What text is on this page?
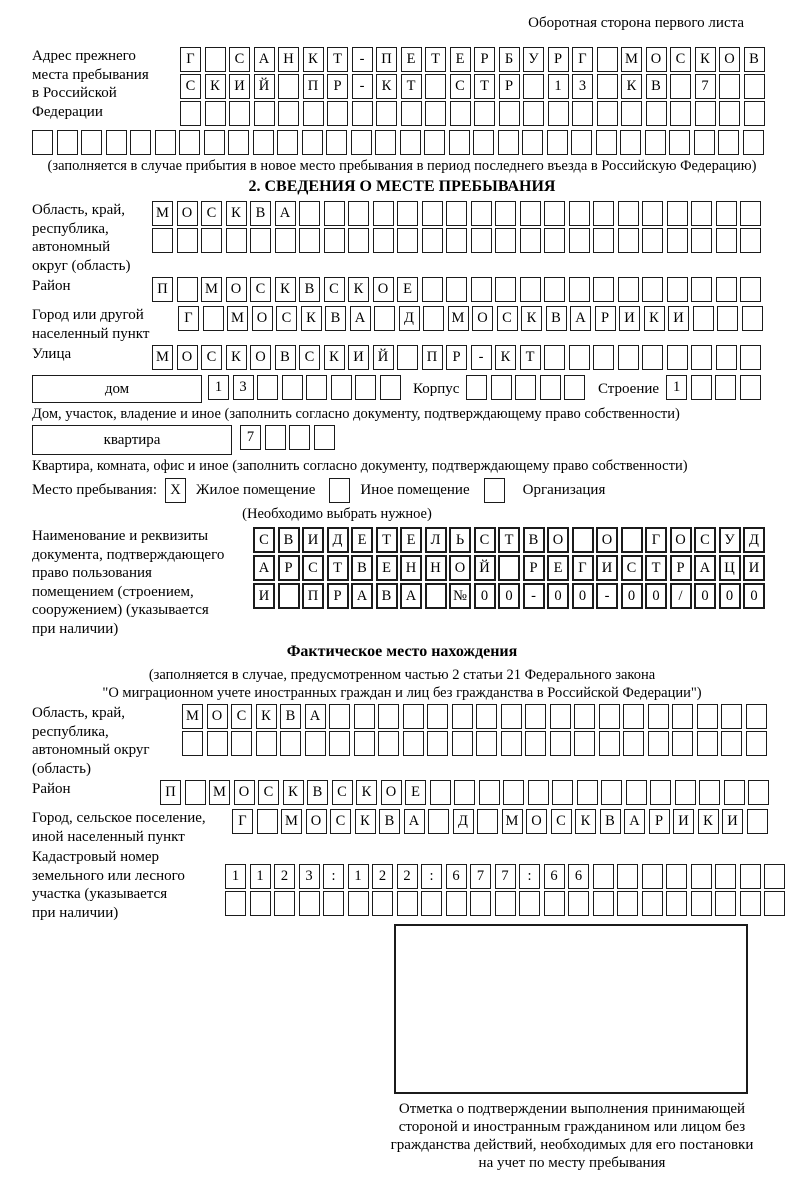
Оборотная сторона первого листа
Адрес прежнего
места пребывания
в Российской
Федерации
Г	С А Н К	Т	-	П	Е	Т	Е	Р	Б	У	Р	Г	М О С	К О В
С	К И Й	П	Р	-	К	Т	С	Т	Р	1	3	К	В	7
(заполняется в случае прибытия в новое место пребывания в период последнего въезда в Российскую Федерацию)
2. СВЕДЕНИЯ О МЕСТЕ ПРЕБЫВАНИЯ
Область, край,
республика,
автономный
округ (область)
М О С	К	В А
Район	П	М О С	К	В	С	К О	Е
Город или другой
населенный пункт
Г	М О С	К	В А	Д	М О С	К	В А	Р	И К И
Улица	М О С	К О В	С	К И Й	П	Р	-	К	Т
дом	1	3	Корпус	Строение 1
Дом, участок, владение и иное (заполнить согласно документу, подтверждающему право собственности)
квартира	7
Квартира, комната, офис и иное (заполнить согласно документу, подтверждающему право собственности)
Место пребывания: X	Жилое помещение	Иное помещение	Организация
(Необходимо выбрать нужное)
Наименование и реквизиты
документа, подтверждающего
право пользования
помещением (строением,
сооружением) (указывается
при наличии)
С	В И Д	Е	Т	Е	Л	Ь	С	Т	В О	О	Г	О С	У Д
А	Р	С	Т	В	Е	Н Н О Й	Р	Е	Г	И С	Т	Р	А Ц И
И	П	Р	А В А	№ 0	0	-	0	0	-	0	0	/	0	0	0
Фактическое место нахождения
(заполняется в случае, предусмотренном частью 2 статьи 21 Федерального закона
"О миграционном учете иностранных граждан и лиц без гражданства в Российской Федерации")
Область, край,
республика,
автономный округ
(область)
М О С	К	В А
Район	П	М О С	К	В	С	К О	Е
Город, сельское поселение,
иной населенный пункт
Г	М О С	К	В А	Д	М О С	К	В А	Р	И К И
Кадастровый номер
земельного или лесного
участка (указывается
при наличии)
1	1	2	3	:	1	2	2	:	6	7	7	:	6	6
Отметка о подтверждении выполнения принимающей
стороной и иностранным гражданином или лицом без
гражданства действий, необходимых для его постановки
на учет по месту пребывания
